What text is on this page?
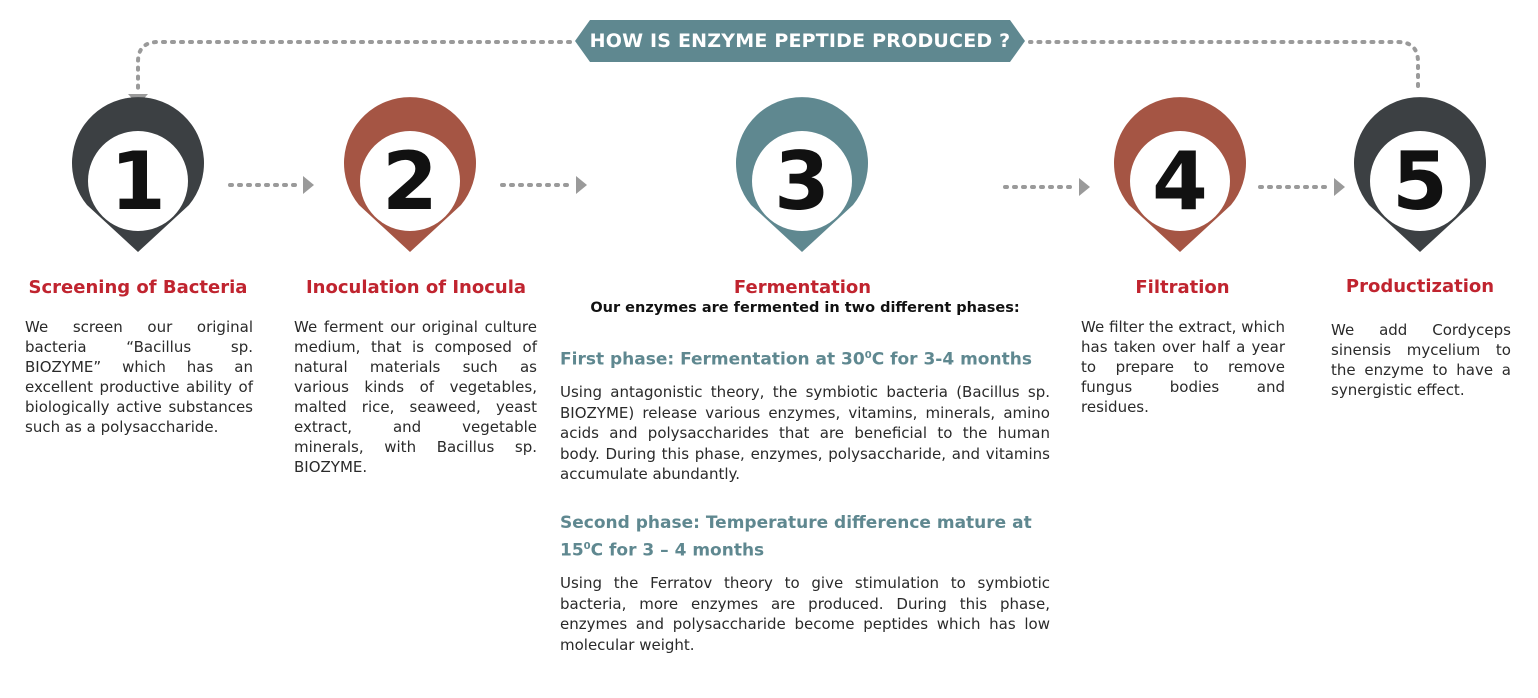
HOW IS ENZYME PEPTIDE PRODUCED ?
1	2	3	4	5
Screening of Bacteria	Inoculation of Inocula	Fermentation	Filtration	Productization
We screen our original bacteria “Bacillus sp. BIOZYME” which has an excellent productive ability of biologically active substances such as a polysaccharide.
We ferment our original culture medium, that is composed of natural materials such as various kinds of vegetables, malted rice, seaweed, yeast extract, and vegetable minerals, with Bacillus sp. BIOZYME.
We filter the extract, which has taken over half a year to prepare to remove fungus bodies and residues.
We add Cordyceps sinensis mycelium to the enzyme to have a synergistic effect.
Our enzymes are fermented in two different phases:
First phase: Fermentation at $30^0C$ for 3-4 months
Using antagonistic theory, the symbiotic bacteria (Bacillus sp. BIOZYME) release various enzymes, vitamins, minerals, amino acids and polysaccharides that are beneficial to the human body. During this phase, enzymes, polysaccharide, and vitamins accumulate abundantly.
Second phase: Temperature difference mature at $15^0C$ for 3 – 4 months
Using the Ferratov theory to give stimulation to symbiotic bacteria, more enzymes are produced. During this phase, enzymes and polysaccharide become peptides which has low molecular weight.
